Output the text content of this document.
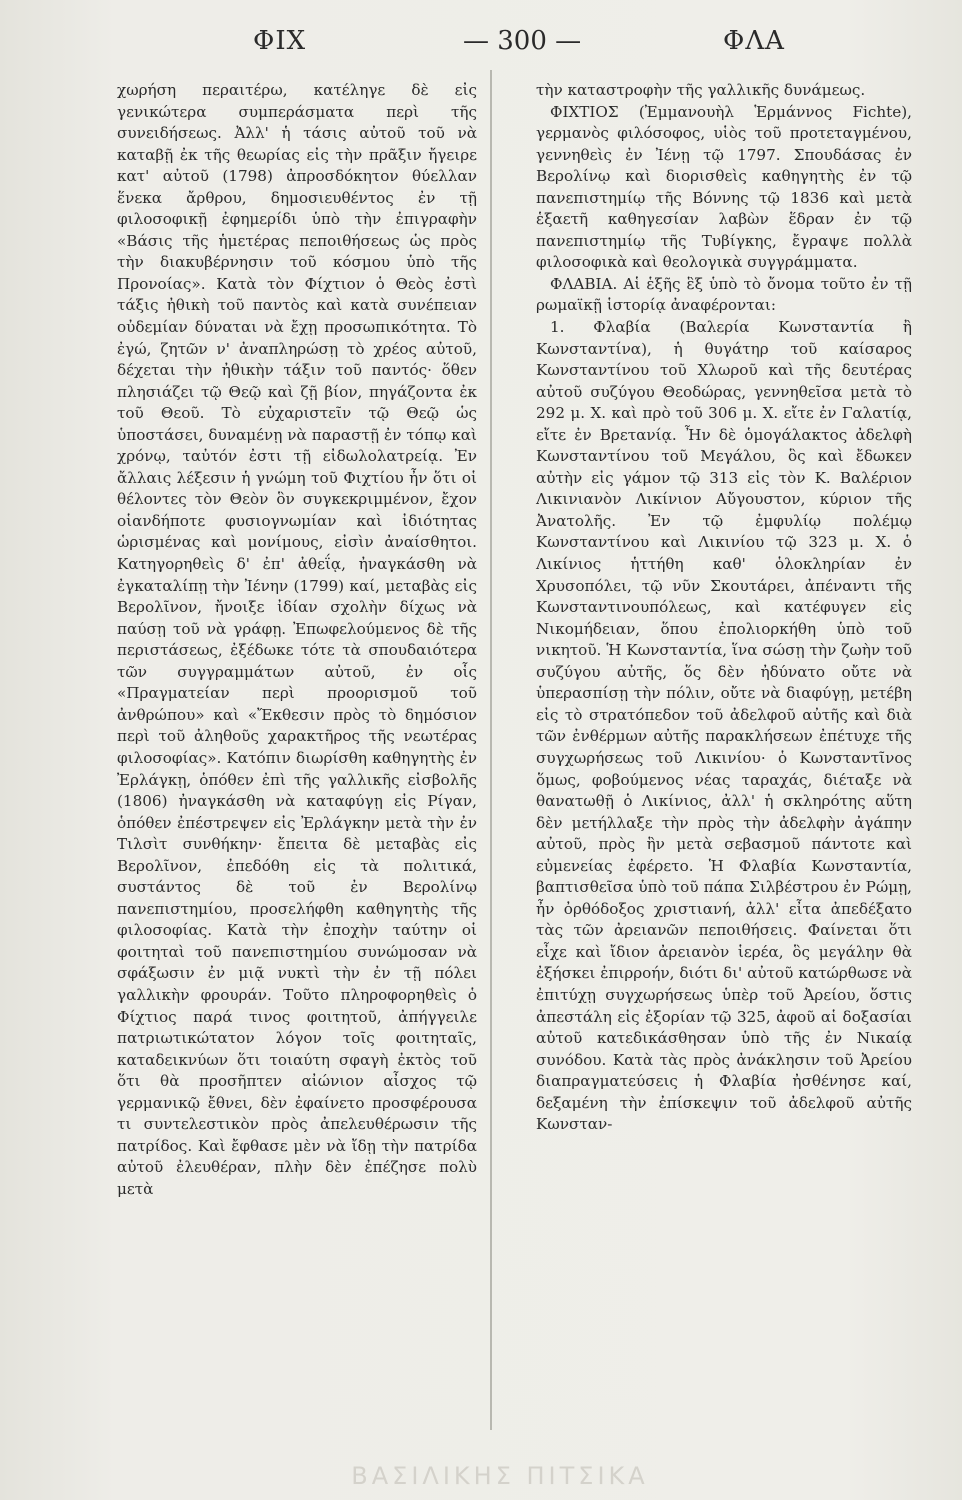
ΦΙΧ	— 300 —	ΦΛΑ

χωρήση περαιτέρω, κατέληγε δὲ εἰς γενικώτερα συμπεράσματα περὶ τῆς συνειδήσεως. Ἀλλ' ἡ τάσις αὐτοῦ τοῦ νὰ καταβῇ ἐκ τῆς θεωρίας εἰς τὴν πρᾶξιν ἤγειρε κατ' αὐτοῦ (1798) ἀπροσδόκητον θύελλαν ἕνεκα ἄρθρου, δημοσιευθέντος ἐν τῇ φιλοσοφικῇ ἐφημερίδι ὑπὸ τὴν ἐπιγραφὴν «Βάσις τῆς ἡμετέρας πεποιθήσεως ὡς πρὸς τὴν διακυβέρνησιν τοῦ κόσμου ὑπὸ τῆς Προνοίας». Κατὰ τὸν Φίχτιον ὁ Θεὸς ἐστὶ τάξις ἠθικὴ τοῦ παντὸς καὶ κατὰ συνέπειαν οὐδεμίαν δύναται νὰ ἔχῃ προσωπικότητα. Τὸ ἐγώ, ζητῶν ν' ἀναπληρώσῃ τὸ χρέος αὐτοῦ, δέχεται τὴν ἠθικὴν τάξιν τοῦ παντός· ὅθεν πλησιάζει τῷ Θεῷ καὶ ζῇ βίον, πηγάζοντα ἐκ τοῦ Θεοῦ. Τὸ εὐχαριστεῖν τῷ Θεῷ ὡς ὑποστάσει, δυναμένῃ νὰ παραστῇ ἐν τόπῳ καὶ χρόνῳ, ταὐτόν ἐστι τῇ εἰδωλολατρείᾳ. Ἐν ἄλλαις λέξεσιν ἡ γνώμη τοῦ Φιχτίου ἦν ὅτι οἱ θέλοντες τὸν Θεὸν ὃν συγκεκριμμένον, ἔχον οἱανδήποτε φυσιογνωμίαν καὶ ἰδιότητας ὡρισμένας καὶ μονίμους, εἰσὶν ἀναίσθητοι. Κατηγορηθεὶς δ' ἐπ' ἀθεΐᾳ, ἠναγκάσθη νὰ ἐγκαταλίπῃ τὴν Ἰένην (1799) καί, μεταβὰς εἰς Βερολῖνον, ἤνοιξε ἰδίαν σχολὴν δίχως νὰ παύσῃ τοῦ νὰ γράφῃ. Ἐπωφελούμενος δὲ τῆς περιστάσεως, ἐξέδωκε τότε τὰ σπουδαιότερα τῶν συγγραμμάτων αὐτοῦ, ἐν οἷς «Πραγματείαν περὶ προορισμοῦ τοῦ ἀνθρώπου» καὶ «Ἔκθεσιν πρὸς τὸ δημόσιον περὶ τοῦ ἀληθοῦς χαρακτῆρος τῆς νεωτέρας φιλοσοφίας». Κατόπιν διωρίσθη καθηγητὴς ἐν Ἐρλάγκῃ, ὁπόθεν ἐπὶ τῆς γαλλικῆς εἰσβολῆς (1806) ἠναγκάσθη νὰ καταφύγῃ εἰς Ρίγαν, ὁπόθεν ἐπέστρεψεν εἰς Ἐρλάγκην μετὰ τὴν ἐν Τιλσὶτ συνθήκην· ἔπειτα δὲ μεταβὰς εἰς Βερολῖνον, ἐπεδόθη εἰς τὰ πολιτικά, συστάντος δὲ τοῦ ἐν Βερολίνῳ πανεπιστημίου, προσελήφθη καθηγητὴς τῆς φιλοσοφίας. Κατὰ τὴν ἐποχὴν ταύτην οἱ φοιτηταὶ τοῦ πανεπιστημίου συνώμοσαν νὰ σφάξωσιν ἐν μιᾷ νυκτὶ τὴν ἐν τῇ πόλει γαλλικὴν φρουράν. Τοῦτο πληροφορηθεὶς ὁ Φίχτιος παρά τινος φοιτητοῦ, ἀπήγγειλε πατριωτικώτατον λόγον τοῖς φοιτηταῖς, καταδεικνύων ὅτι τοιαύτη σφαγὴ ἐκτὸς τοῦ ὅτι θὰ προσῆπτεν αἰώνιον αἶσχος τῷ γερμανικῷ ἔθνει, δὲν ἐφαίνετο προσφέρουσα τι συντελεστικὸν πρὸς ἀπελευθέρωσιν τῆς πατρίδος. Καὶ ἔφθασε μὲν νὰ ἴδῃ τὴν πατρίδα αὐτοῦ ἐλευθέραν, πλὴν δὲν ἐπέζησε πολὺ μετὰ

τὴν καταστροφὴν τῆς γαλλικῆς δυνάμεως.

ΦΙΧΤΙΟΣ (Ἐμμανουὴλ Ἑρμάννος Fichte), γερμανὸς φιλόσοφος, υἱὸς τοῦ προτεταγμένου, γεννηθεὶς ἐν Ἰένῃ τῷ 1797. Σπουδάσας ἐν Βερολίνῳ καὶ διορισθεὶς καθηγητὴς ἐν τῷ πανεπιστημίῳ τῆς Βόννης τῷ 1836 καὶ μετὰ ἑξαετῆ καθηγεσίαν λαβὼν ἕδραν ἐν τῷ πανεπιστημίῳ τῆς Τυβίγκης, ἔγραψε πολλὰ φιλοσοφικὰ καὶ θεολογικὰ συγγράμματα.

ΦΛΑΒΙΑ. Αἱ ἑξῆς ἓξ ὑπὸ τὸ ὄνομα τοῦτο ἐν τῇ ρωμαϊκῇ ἱστορίᾳ ἀναφέρονται:

1. Φλαβία (Βαλερία Κωνσταντία ἢ Κωνσταντίνα), ἡ θυγάτηρ τοῦ καίσαρος Κωνσταντίνου τοῦ Χλωροῦ καὶ τῆς δευτέρας αὐτοῦ συζύγου Θεοδώρας, γεννηθεῖσα μετὰ τὸ 292 μ. Χ. καὶ πρὸ τοῦ 306 μ. Χ. εἴτε ἐν Γαλατίᾳ, εἴτε ἐν Βρετανίᾳ. Ἦν δὲ ὁμογάλακτος ἀδελφὴ Κωνσταντίνου τοῦ Μεγάλου, ὃς καὶ ἔδωκεν αὐτὴν εἰς γάμον τῷ 313 εἰς τὸν Κ. Βαλέριον Λικινιανὸν Λικίνιον Αὔγουστον, κύριον τῆς Ἀνατολῆς. Ἐν τῷ ἐμφυλίῳ πολέμῳ Κωνσταντίνου καὶ Λικινίου τῷ 323 μ. Χ. ὁ Λικίνιος ἡττήθη καθ' ὁλοκληρίαν ἐν Χρυσοπόλει, τῷ νῦν Σκουτάρει, ἀπέναντι τῆς Κωνσταντινουπόλεως, καὶ κατέφυγεν εἰς Νικομήδειαν, ὅπου ἐπολιορκήθη ὑπὸ τοῦ νικητοῦ. Ἡ Κωνσταντία, ἵνα σώσῃ τὴν ζωὴν τοῦ συζύγου αὐτῆς, ὅς δὲν ἠδύνατο οὔτε νὰ ὑπερασπίσῃ τὴν πόλιν, οὔτε νὰ διαφύγῃ, μετέβη εἰς τὸ στρατόπεδον τοῦ ἀδελφοῦ αὐτῆς καὶ διὰ τῶν ἐνθέρμων αὐτῆς παρακλήσεων ἐπέτυχε τῆς συγχωρήσεως τοῦ Λικινίου· ὁ Κωνσταντῖνος ὅμως, φοβούμενος νέας ταραχάς, διέταξε νὰ θανατωθῇ ὁ Λικίνιος, ἀλλ' ἡ σκληρότης αὕτη δὲν μετήλλαξε τὴν πρὸς τὴν ἀδελφὴν ἀγάπην αὐτοῦ, πρὸς ἣν μετὰ σεβασμοῦ πάντοτε καὶ εὐμενείας ἐφέρετο. Ἡ Φλαβία Κωνσταντία, βαπτισθεῖσα ὑπὸ τοῦ πάπα Σιλβέστρου ἐν Ρώμῃ, ἦν ὀρθόδοξος χριστιανή, ἀλλ' εἶτα ἀπεδέξατο τὰς τῶν ἀρειανῶν πεποιθήσεις. Φαίνεται ὅτι εἶχε καὶ ἴδιον ἀρειανὸν ἱερέα, ὃς μεγάλην θὰ ἐξήσκει ἐπιρροήν, διότι δι' αὐτοῦ κατώρθωσε νὰ ἐπιτύχῃ συγχωρήσεως ὑπὲρ τοῦ Ἀρείου, ὅστις ἀπεστάλη εἰς ἐξορίαν τῷ 325, ἀφοῦ αἱ δοξασίαι αὐτοῦ κατεδικάσθησαν ὑπὸ τῆς ἐν Νικαίᾳ συνόδου. Κατὰ τὰς πρὸς ἀνάκλησιν τοῦ Ἀρείου διαπραγματεύσεις ἡ Φλαβία ἠσθένησε καί, δεξαμένη τὴν ἐπίσκεψιν τοῦ ἀδελφοῦ αὐτῆς Κωνσταν-

ΒΑΣΙΛΙΚΗΣ ΠΙΤΣΙΚΑ
